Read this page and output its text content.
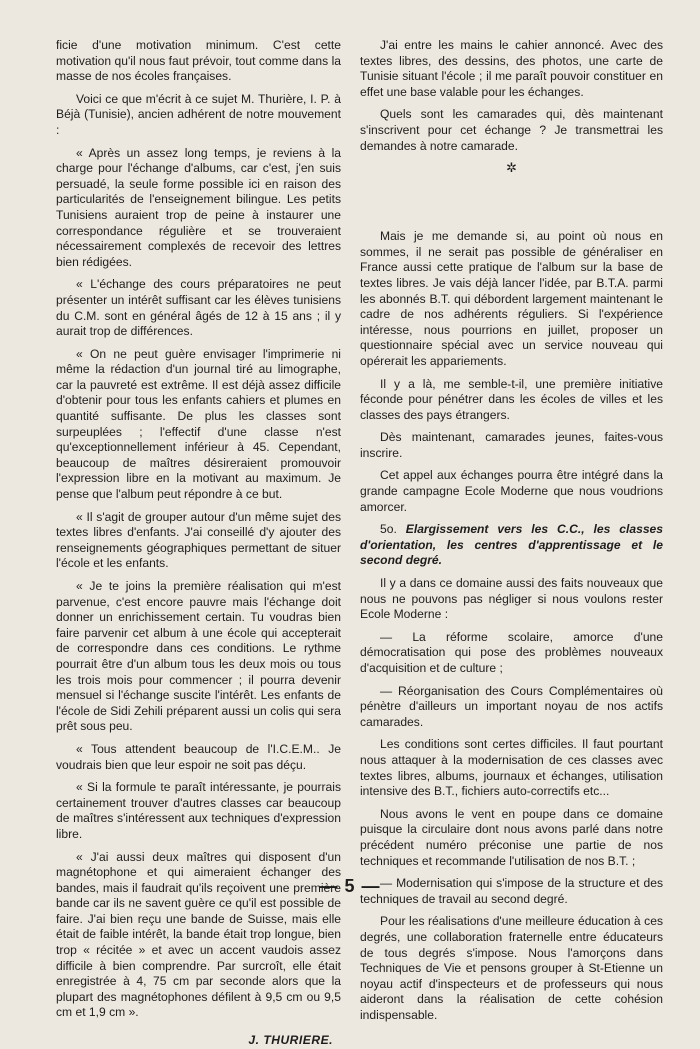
ficie d'une motivation minimum. C'est cette motivation qu'il nous faut prévoir, tout comme dans la masse de nos écoles françaises.

Voici ce que m'écrit à ce sujet M. Thurière, I. P. à Béjà (Tunisie), ancien adhérent de notre mouvement :

« Après un assez long temps, je reviens à la charge pour l'échange d'albums, car c'est, j'en suis persuadé, la seule forme possible ici en raison des particularités de l'enseignement bilingue. Les petits Tunisiens auraient trop de peine à instaurer une correspondance régulière et se trouveraient nécessairement complexés de recevoir des lettres bien rédigées.

« L'échange des cours préparatoires ne peut présenter un intérêt suffisant car les élèves tunisiens du C.M. sont en général âgés de 12 à 15 ans ; il y aurait trop de différences.

« On ne peut guère envisager l'imprimerie ni même la rédaction d'un journal tiré au limographe, car la pauvreté est extrême. Il est déjà assez difficile d'obtenir pour tous les enfants cahiers et plumes en quantité suffisante. De plus les classes sont surpeuplées ; l'effectif d'une classe n'est qu'exceptionnellement inférieur à 45. Cependant, beaucoup de maîtres désireraient promouvoir l'expression libre en la motivant au maximum. Je pense que l'album peut répondre à ce but.

« Il s'agit de grouper autour d'un même sujet des textes libres d'enfants. J'ai conseillé d'y ajouter des renseignements géographiques permettant de situer l'école et les enfants.

« Je te joins la première réalisation qui m'est parvenue, c'est encore pauvre mais l'échange doit donner un enrichissement certain. Tu voudras bien faire parvenir cet album à une école qui accepterait de correspondre dans ces conditions. Le rythme pourrait être d'un album tous les deux mois ou tous les trois mois pour commencer ; il pourra devenir mensuel si l'échange suscite l'intérêt. Les enfants de l'école de Sidi Zehili préparent aussi un colis qui sera prêt sous peu.

« Tous attendent beaucoup de l'I.C.E.M.. Je voudrais bien que leur espoir ne soit pas déçu.

« Si la formule te paraît intéressante, je pourrais certainement trouver d'autres classes car beaucoup de maîtres s'intéressent aux techniques d'expression libre.

« J'ai aussi deux maîtres qui disposent d'un magnétophone et qui aimeraient échanger des bandes, mais il faudrait qu'ils reçoivent une première bande car ils ne savent guère ce qu'il est possible de faire. J'ai bien reçu une bande de Suisse, mais elle était de faible intérêt, la bande était trop longue, bien trop « récitée » et avec un accent vaudois assez difficile à bien comprendre. Par surcroît, elle était enregistrée à 4, 75 cm par seconde alors que la plupart des magnétophones défilent à 9,5 cm ou 9,5 cm et 1,9 cm ».

J. THURIERE.

J'ai entre les mains le cahier annoncé. Avec des textes libres, des dessins, des photos, une carte de Tunisie situant l'école ; il me paraît pouvoir constituer en effet une base valable pour les échanges.

Quels sont les camarades qui, dès maintenant s'inscrivent pour cet échange ? Je transmettrai les demandes à notre camarade.

✲

Mais je me demande si, au point où nous en sommes, il ne serait pas possible de généraliser en France aussi cette pratique de l'album sur la base de textes libres. Je vais déjà lancer l'idée, par B.T.A. parmi les abonnés B.T. qui débordent largement maintenant le cadre de nos adhérents réguliers. Si l'expérience intéresse, nous pourrions en juillet, proposer un questionnaire spécial avec un service nouveau qui opérerait les appariements.

Il y a là, me semble-t-il, une première initiative féconde pour pénétrer dans les écoles de villes et les classes des pays étrangers.

Dès maintenant, camarades jeunes, faites-vous inscrire.

Cet appel aux échanges pourra être intégré dans la grande campagne Ecole Moderne que nous voudrions amorcer.

5o. Elargissement vers les C.C., les classes d'orientation, les centres d'apprentissage et le second degré.

Il y a dans ce domaine aussi des faits nouveaux que nous ne pouvons pas négliger si nous voulons rester Ecole Moderne :

— La réforme scolaire, amorce d'une démocratisation qui pose des problèmes nouveaux d'acquisition et de culture ;

— Réorganisation des Cours Complémentaires où pénètre d'ailleurs un important noyau de nos actifs camarades.

Les conditions sont certes difficiles. Il faut pourtant nous attaquer à la modernisation de ces classes avec textes libres, albums, journaux et échanges, utilisation intensive des B.T., fichiers auto-correctifs etc...

Nous avons le vent en poupe dans ce domaine puisque la circulaire dont nous avons parlé dans notre précédent numéro préconise une partie de nos techniques et recommande l'utilisation de nos B.T. ;

— Modernisation qui s'impose de la structure et des techniques de travail au second degré.

Pour les réalisations d'une meilleure éducation à ces degrés, une collaboration fraternelle entre éducateurs de tous degrés s'impose. Nous l'amorçons dans Techniques de Vie et pensons grouper à St-Etienne un noyau actif d'inspecteurs et de professeurs qui nous aideront dans la réalisation de cette cohésion indispensable.

— 5 —
